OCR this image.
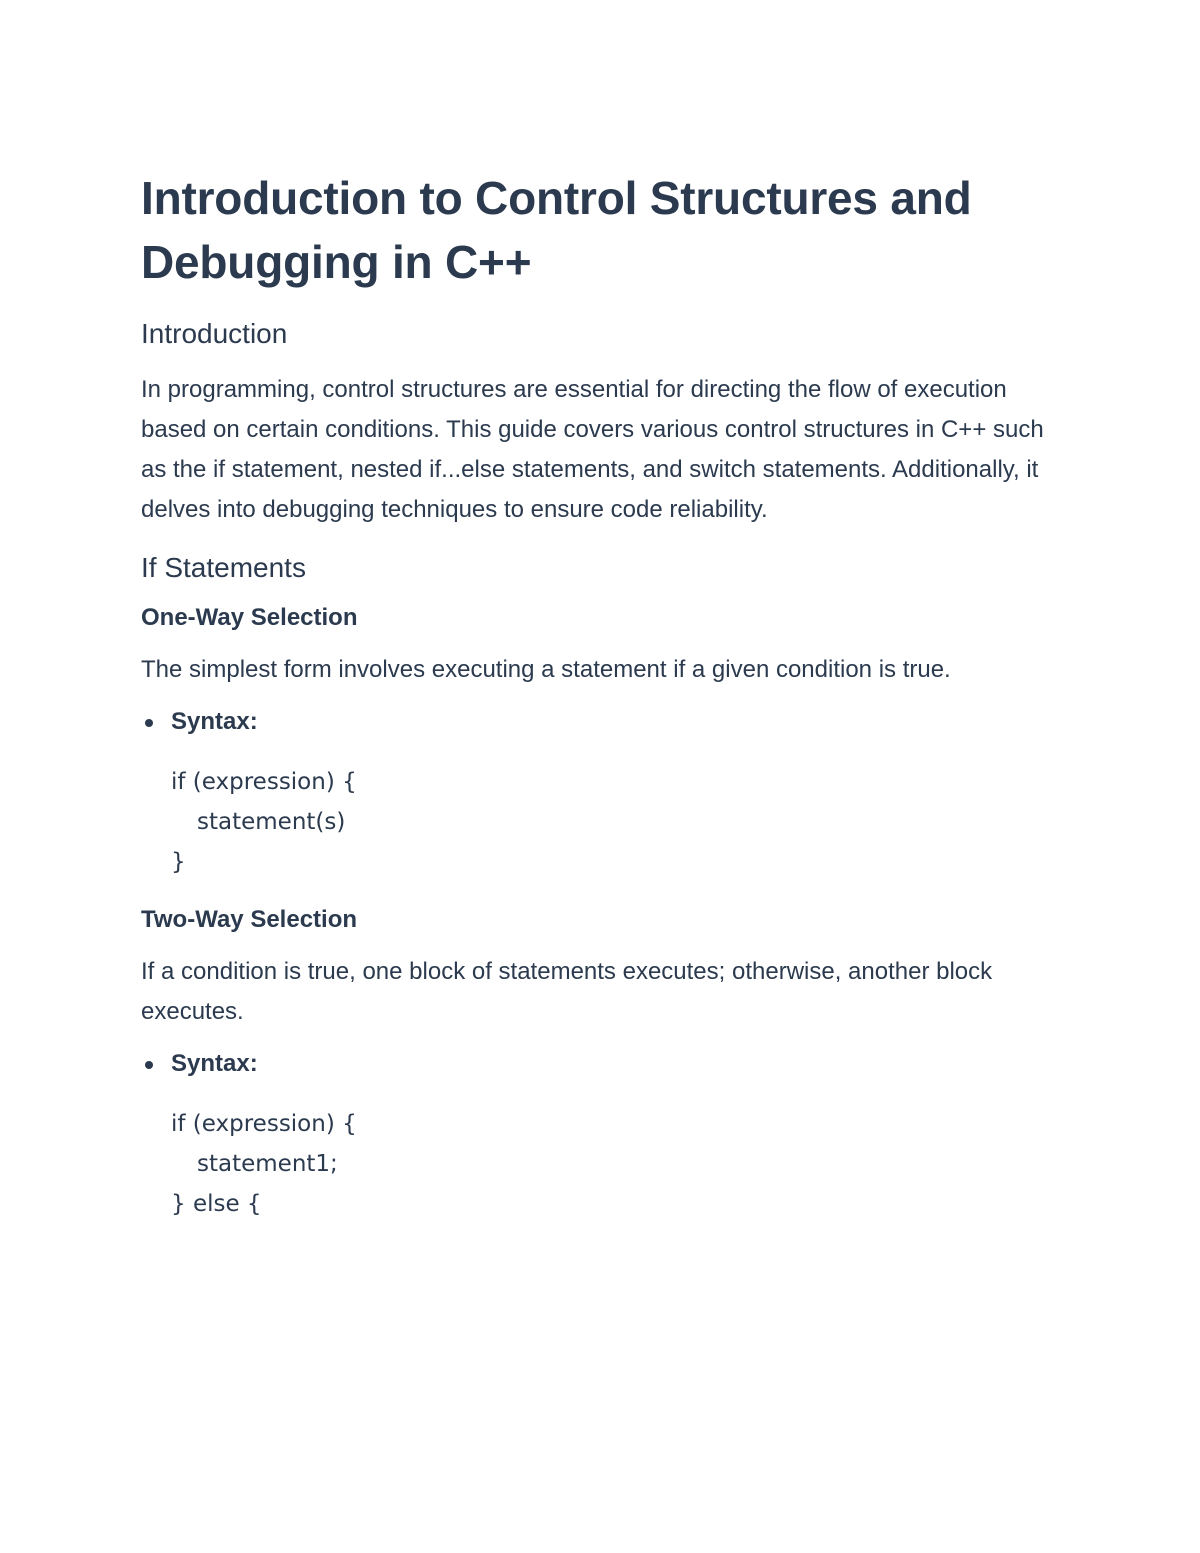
Introduction to Control Structures and
Debugging in C++
Introduction

In programming, control structures are essential for directing the flow of execution based on certain conditions. This guide covers various control structures in C++ such as the if statement, nested if...else statements, and switch statements. Additionally, it delves into debugging techniques to ensure code reliability.

If Statements
One-Way Selection

The simplest form involves executing a statement if a given condition is true.

Syntax:
if (expression) {
statement(s)
}
Two-Way Selection

If a condition is true, one block of statements executes; otherwise, another block executes.

Syntax:
if (expression) {
statement1;
} else {
